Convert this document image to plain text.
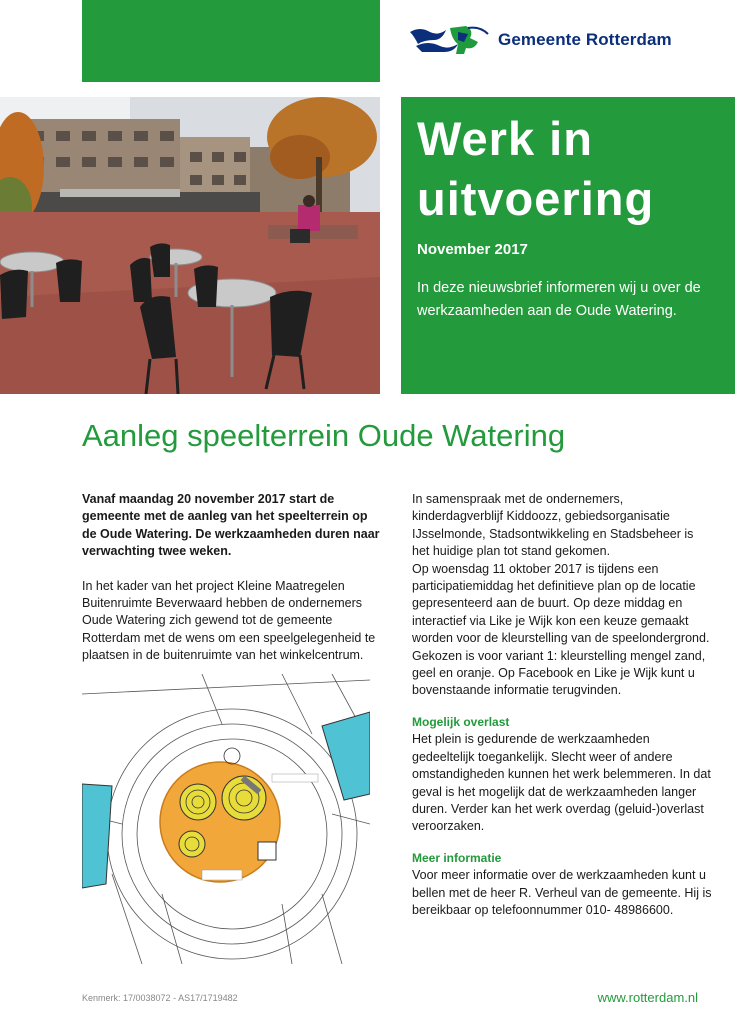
Gemeente Rotterdam
Werk in
uitvoering
November 2017
In deze nieuwsbrief informeren wij u over de werkzaamheden aan de Oude Watering.
Aanleg speelterrein Oude Watering

Vanaf maandag 20 november 2017 start de gemeente met de aanleg van het speelterrein op de Oude Watering. De werkzaamheden duren naar verwachting twee weken.

In het kader van het project Kleine Maatregelen Buitenruimte Beverwaard hebben de ondernemers Oude Watering zich gewend tot de gemeente Rotterdam met de wens om een speelgelegenheid te plaatsen in de buitenruimte van het winkelcentrum.

In samenspraak met de ondernemers, kinderdagverblijf Kiddoozz, gebiedsorganisatie IJsselmonde, Stadsontwikkeling en Stadsbeheer is het huidige plan tot stand gekomen.

Op woensdag 11 oktober 2017 is tijdens een participatiemiddag het definitieve plan op de locatie gepresenteerd aan de buurt. Op deze middag en interactief via Like je Wijk kon een keuze gemaakt worden voor de kleurstelling van de speelondergrond. Gekozen is voor variant 1: kleurstelling mengel zand, geel en oranje. Op Facebook en Like je Wijk kunt u bovenstaande informatie terugvinden.

Mogelijk overlast

Het plein is gedurende de werkzaamheden gedeeltelijk toegankelijk. Slecht weer of andere omstandigheden kunnen het werk belemmeren. In dat geval is het mogelijk dat de werkzaamheden langer duren. Verder kan het werk overdag (geluid-)overlast veroorzaken.

Meer informatie

Voor meer informatie over de werkzaamheden kunt u bellen met de heer R. Verheul van de gemeente. Hij is bereikbaar op telefoonnummer 010- 48986600.

Kenmerk: 17/0038072 - AS17/1719482	www.rotterdam.nl
